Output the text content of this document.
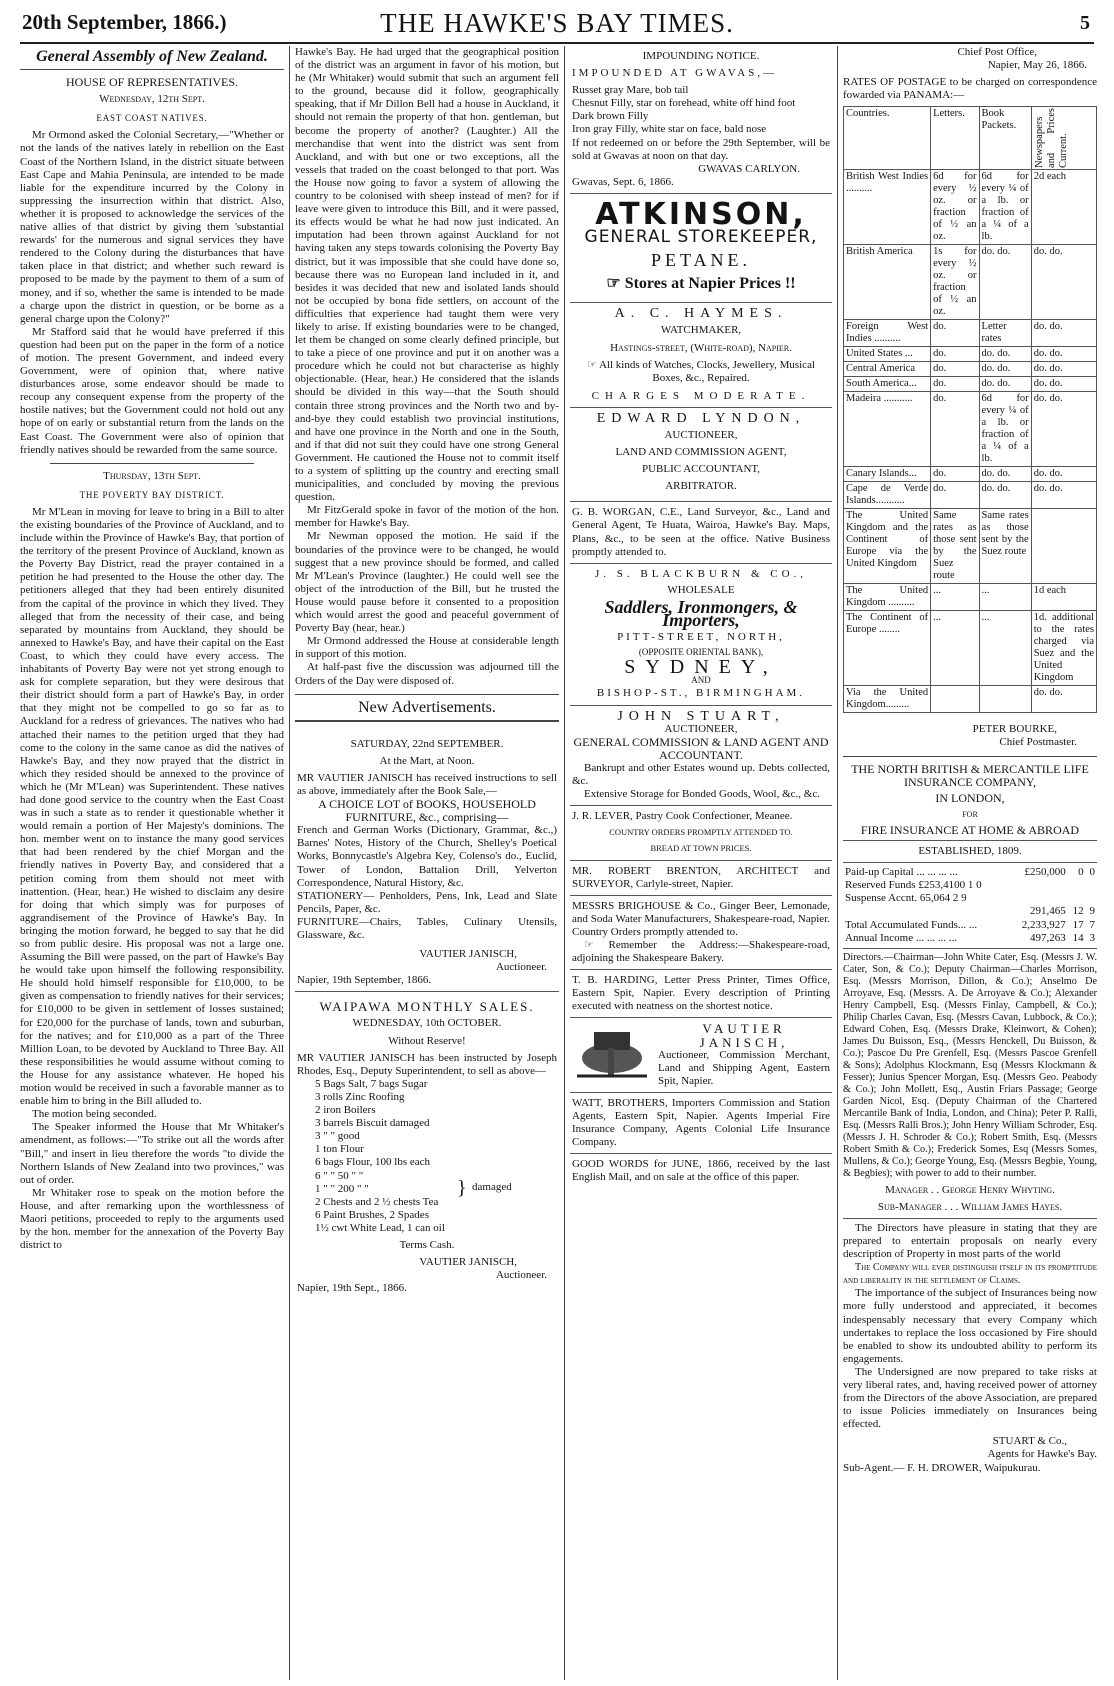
20th September, 1866.)	THE HAWKE'S BAY TIMES.	5
General Assembly of New Zealand.
HOUSE OF REPRESENTATIVES.
Wednesday, 12th Sept.
EAST COAST NATIVES.

Mr Ormond asked the Colonial Secretary,—"Whether or not the lands of the natives lately in rebellion on the East Coast of the Northern Island, in the district situate between East Cape and Mahia Peninsula, are intended to be made liable for the expenditure incurred by the Colony in suppressing the insurrection within that district. Also, whether it is proposed to acknowledge the services of the native allies of that district by giving them 'substantial rewards' for the numerous and signal services they have rendered to the Colony during the disturbances that have taken place in that district; and whether such reward is proposed to be made by the payment to them of a sum of money, and if so, whether the same is intended to be made a charge upon the district in question, or be borne as a general charge upon the Colony?"

Mr Stafford said that he would have preferred if this question had been put on the paper in the form of a notice of motion. The present Government, and indeed every Government, were of opinion that, where native disturbances arose, some endeavor should be made to recoup any consequent expense from the property of the hostile natives; but the Government could not hold out any hope of on early or substantial return from the lands on the East Coast. The Government were also of opinion that friendly natives should be rewarded from the same source.

Thursday, 13th Sept.
THE POVERTY BAY DISTRICT.

Mr M'Lean in moving for leave to bring in a Bill to alter the existing boundaries of the Province of Auckland, and to include within the Province of Hawke's Bay, that portion of the territory of the present Province of Auckland, known as the Poverty Bay District, read the prayer contained in a petition he had presented to the House the other day. The petitioners alleged that they had been entirely disunited from the capital of the province in which they lived. They alleged that from the necessity of their case, and being separated by mountains from Auckland, they should be annexed to Hawke's Bay, and have their capital on the East Coast, to which they could have every access. The inhabitants of Poverty Bay were not yet strong enough to ask for complete separation, but they were desirous that their district should form a part of Hawke's Bay, in order that they might not be compelled to go so far as to Auckland for a redress of grievances. The natives who had attached their names to the petition urged that they had come to the colony in the same canoe as did the natives of Hawke's Bay, and they now prayed that the district in which they resided should be annexed to the province of which he (Mr M'Lean) was Superintendent. These natives had done good service to the country when the East Coast was in such a state as to render it questionable whether it would remain a portion of Her Majesty's dominions. The hon. member went on to instance the many good services that had been rendered by the chief Morgan and the friendly natives in Poverty Bay, and considered that a petition coming from them should not meet with inattention. (Hear, hear.) He wished to disclaim any desire for doing that which simply was for purposes of aggrandisement of the Province of Hawke's Bay. In bringing the motion forward, he begged to say that he did so from public desire. His proposal was not a large one. Assuming the Bill were passed, on the part of Hawke's Bay he would take upon himself the following responsibility. He should hold himself responsible for £10,000, to be given as compensation to friendly natives for their services; for £10,000 to be given in settlement of losses sustained; for £20,000 for the purchase of lands, town and suburban, for the natives; and for £10,000 as a part of the Three Million Loan, to be devoted by Auckland to Three Bay. All these responsibilities he would assume without coming to the House for any assistance whatever. He hoped his motion would be received in such a favorable manner as to enable him to bring in the Bill alluded to.

The motion being seconded.

The Speaker informed the House that Mr Whitaker's amendment, as follows:—"To strike out all the words after "Bill," and insert in lieu therefore the words "to divide the Northern Islands of New Zealand into two provinces," was out of order.

Mr Whitaker rose to speak on the motion before the House, and after remarking upon the worthlessness of Maori petitions, proceeded to reply to the arguments used by the hon. member for the annexation of the Poverty Bay district to

Hawke's Bay. He had urged that the geographical position of the district was an argument in favor of his motion, but he (Mr Whitaker) would submit that such an argument fell to the ground, because did it follow, geographically speaking, that if Mr Dillon Bell had a house in Auckland, it should not remain the property of that hon. gentleman, but become the property of another? (Laughter.) All the merchandise that went into the district was sent from Auckland, and with but one or two exceptions, all the vessels that traded on the coast belonged to that port. Was the House now going to favor a system of allowing the country to be colonised with sheep instead of men? for if leave were given to introduce this Bill, and it were passed, its effects would be what he had now just indicated. An imputation had been thrown against Auckland for not having taken any steps towards colonising the Poverty Bay district, but it was impossible that she could have done so, because there was no European land included in it, and besides it was decided that new and isolated lands should not be occupied by bona fide settlers, on account of the difficulties that experience had taught them were very likely to arise. If existing boundaries were to be changed, let them be changed on some clearly defined principle, but to take a piece of one province and put it on another was a procedure which he could not but characterise as highly objectionable. (Hear, hear.) He considered that the islands should be divided in this way—that the South should contain three strong provinces and the North two and by-and-bye they could establish two provincial institutions, and have one province in the North and one in the South, and if that did not suit they could have one strong General Government. He cautioned the House not to commit itself to a system of splitting up the country and erecting small municipalities, and concluded by moving the previous question.

Mr FitzGerald spoke in favor of the motion of the hon. member for Hawke's Bay.

Mr Newman opposed the motion. He said if the boundaries of the province were to be changed, he would suggest that a new province should be formed, and called Mr M'Lean's Province (laughter.) He could well see the object of the introduction of the Bill, but he trusted the House would pause before it consented to a proposition which would arrest the good and peaceful government of Poverty Bay (hear, hear.)

Mr Ormond addressed the House at considerable length in support of this motion.

At half-past five the discussion was adjourned till the Orders of the Day were disposed of.

New Advertisements.
SATURDAY, 22nd SEPTEMBER.
At the Mart, at Noon.

MR VAUTIER JANISCH has received instructions to sell as above, immediately after the Book Sale,—

A CHOICE LOT of BOOKS, HOUSEHOLD FURNITURE, &c., comprising—

French and German Works (Dictionary, Grammar, &c.,) Barnes' Notes, History of the Church, Shelley's Poetical Works, Bonnycastle's Algebra Key, Colenso's do., Euclid, Tower of London, Battalion Drill, Yelverton Correspondence, Natural History, &c.

STATIONERY— Penholders, Pens, Ink, Lead and Slate Pencils, Paper, &c.

FURNITURE—Chairs, Tables, Culinary Utensils, Glassware, &c.

VAUTIER JANISCH,
Auctioneer.
Napier, 19th September, 1866.
WAIPAWA MONTHLY SALES.
WEDNESDAY, 10th OCTOBER.
Without Reserve!

MR VAUTIER JANISCH has been instructed by Joseph Rhodes, Esq., Deputy Superintendent, to sell as above—

5 Bags Salt, 7 bags Sugar
3 rolls Zinc Roofing
2 iron Boilers
3 barrels Biscuit damaged
3 " " good
1 ton Flour
6 bags Flour, 100 lbs each
6 " " 50 " "
1 " " 200 " "
2 Chests and 2 ½ chests Tea
6 Paint Brushes, 2 Spades
1½ cwt White Lead, 1 can oil
} damaged
Terms Cash.
VAUTIER JANISCH,
Auctioneer.
Napier, 19th Sept., 1866.
IMPOUNDING NOTICE.
IMPOUNDED AT GWAVAS,—
Russet gray Mare, bob tail
Chesnut Filly, star on forehead, white off hind foot
Dark brown Filly
Iron gray Filly, white star on face, bald nose

If not redeemed on or before the 29th September, will be sold at Gwavas at noon on that day.

GWAVAS CARLYON.
Gwavas, Sept. 6, 1866.
ATKINSON,
GENERAL STOREKEEPER,
PETANE.
☞ Stores at Napier Prices !!
A. C. HAYMES.
WATCHMAKER,
Hastings-street, (White-road), Napier.
☞ All kinds of Watches, Clocks, Jewellery, Musical Boxes, &c., Repaired.
CHARGES MODERATE.
EDWARD LYNDON,
AUCTIONEER,
LAND AND COMMISSION AGENT,
PUBLIC ACCOUNTANT,
ARBITRATOR.

G. B. WORGAN, C.E., Land Surveyor, &c., Land and General Agent, Te Huata, Wairoa, Hawke's Bay. Maps, Plans, &c., to be seen at the office. Native Business promptly attended to.

J. S. BLACKBURN & CO.,
WHOLESALE
Saddlers, Ironmongers, & Importers,
PITT-STREET, NORTH,
(OPPOSITE ORIENTAL BANK),
SYDNEY,
AND
BISHOP-ST., BIRMINGHAM.
JOHN STUART,
AUCTIONEER,
GENERAL COMMISSION & LAND AGENT AND ACCOUNTANT.

Bankrupt and other Estates wound up. Debts collected, &c.

Extensive Storage for Bonded Goods, Wool, &c., &c.

J. R. LEVER, Pastry Cook Confectioner, Meanee.
COUNTRY ORDERS PROMPTLY ATTENDED TO.
BREAD AT TOWN PRICES.

MR. ROBERT BRENTON, ARCHITECT and SURVEYOR, Carlyle-street, Napier.

MESSRS BRIGHOUSE & Co., Ginger Beer, Lemonade, and Soda Water Manufacturers, Shakespeare-road, Napier. Country Orders promptly attended to.

☞ Remember the Address:—Shakespeare-road, adjoining the Shakespeare Bakery.

T. B. HARDING, Letter Press Printer, Times Office, Eastern Spit, Napier. Every description of Printing executed with neatness on the shortest notice.

VAUTIER JANISCH,
Auctioneer, Commission Merchant, Land and Shipping Agent, Eastern Spit, Napier.

WATT, BROTHERS, Importers Commission and Station Agents, Eastern Spit, Napier. Agents Imperial Fire Insurance Company, Agents Colonial Life Insurance Company.

GOOD WORDS for JUNE, 1866, received by the last English Mail, and on sale at the office of this paper.

Chief Post Office,
Napier, May 26, 1866.

RATES OF POSTAGE to be charged on correspondence fowarded via PANAMA:—

Countries.	Letters.	Book Packets.	Newspapers and Prices Current.

British West Indies ..........	6d for every ½ oz. or fraction of ½ an oz.	6d for every ¼ of a lb. or fraction of a ¼ of a lb.	2d each
British America	1s for every ½ oz. or fraction of ½ an oz.	do. do.	do. do.
Foreign West Indies ..........	do.	Letter rates	do. do.
United States ...	do.	do. do.	do. do.
Central America	do.	do. do.	do. do.
South America...	do.	do. do.	do. do.
Madeira ...........	do.	6d for every ¼ of a lb. or fraction of a ¼ of a lb.	do. do.
Canary Islands...	do.	do. do.	do. do.
Cape de Verde Islands...........	do.	do. do.	do. do.
The United Kingdom and the Continent of Europe via the United Kingdom	Same rates as those sent by the Suez route	Same rates as those sent by the Suez route	
The United Kingdom ..........	...	...	1d each
The Continent of Europe ........	...	...	1d. additional to the rates charged via Suez and the United Kingdom
Via the United Kingdom.........			do. do.
PETER BOURKE,
Chief Postmaster.
THE NORTH BRITISH & MERCANTILE LIFE INSURANCE COMPANY,
IN LONDON,
FOR
FIRE INSURANCE AT HOME & ABROAD
ESTABLISHED, 1809.
Paid-up Capital ... ... ... ...	£250,000	0	0
Reserved Funds £253,4100 1 0			
Suspense Accnt. 65,064 2 9			
	291,465	12	9
Total Accumulated Funds... ...	2,233,927	17	7
Annual Income ... ... ... ...	497,263	14	3

Directors.—Chairman—John White Cater, Esq. (Messrs J. W. Cater, Son, & Co.); Deputy Chairman—Charles Morrison, Esq. (Messrs Morrison, Dillon, & Co.); Anselmo De Arroyave, Esq. (Messrs. A. De Arroyave & Co.); Alexander Henry Campbell, Esq. (Messrs Finlay, Campbell, & Co.); Philip Charles Cavan, Esq. (Messrs Cavan, Lubbock, & Co.); Edward Cohen, Esq. (Messrs Drake, Kleinwort, & Cohen); James Du Buisson, Esq., (Messrs Henckell, Du Buisson, & Co.); Pascoe Du Pre Grenfell, Esq. (Messrs Pascoe Grenfell & Sons); Adolphus Klockmann, Esq (Messrs Klockmann & Fesser); Junius Spencer Morgan, Esq. (Messrs Geo. Peabody & Co.); John Mollett, Esq., Austin Friars Passage; George Garden Nicol, Esq. (Deputy Chairman of the Chartered Mercantile Bank of India, London, and China); Peter P. Ralli, Esq. (Messrs Ralli Bros.); John Henry William Schroder, Esq. (Messrs J. H. Schroder & Co.); Robert Smith, Esq. (Messrs Robert Smith & Co.); Frederick Somes, Esq (Messrs Somes, Mullens, & Co.); George Young, Esq. (Messrs Begbie, Young, & Begbies); with power to add to their number.

Manager . . George Henry Whyting.
Sub-Manager . . . William James Hayes.

The Directors have pleasure in stating that they are prepared to entertain proposals on nearly every description of Property in most parts of the world

The Company will ever distinguish itself in its promptitude and liberality in the settlement of Claims.

The importance of the subject of Insurances being now more fully understood and appreciated, it becomes indespensably necessary that every Company which undertakes to replace the loss occasioned by Fire should be enabled to show its undoubted ability to perform its engagements.

The Undersigned are now prepared to take risks at very liberal rates, and, having received power of attorney from the Directors of the above Association, are prepared to issue Policies immediately on Insurances being effected.

STUART & Co.,
Agents for Hawke's Bay.
Sub-Agent.— F. H. DROWER, Waipukurau.
